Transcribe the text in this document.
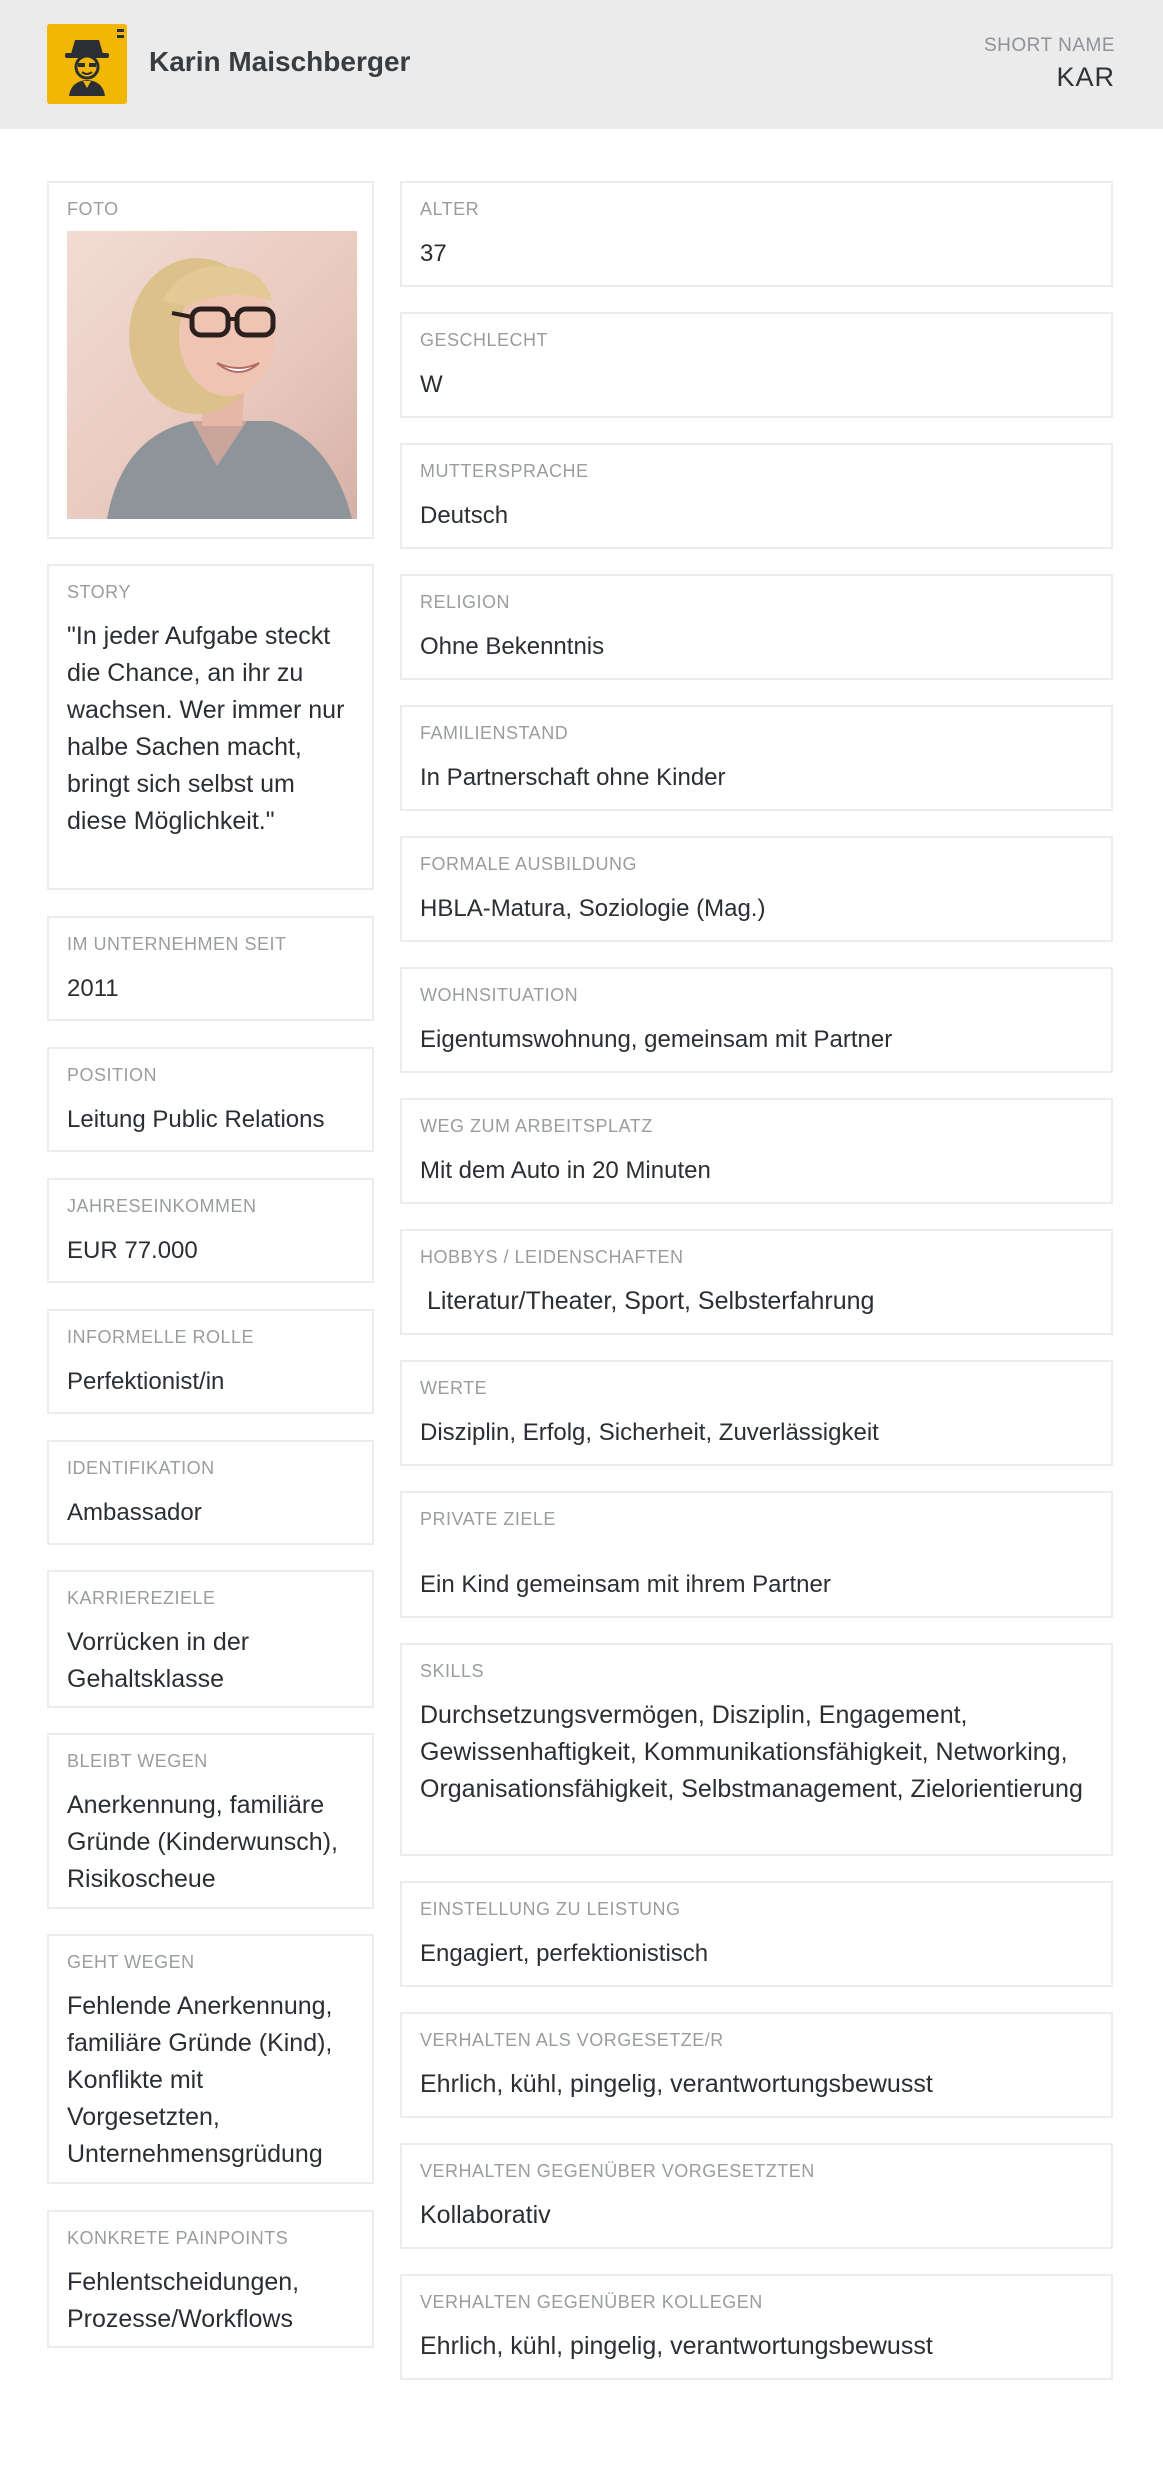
Karin Maischberger
SHORT NAME
KAR
FOTO
STORY
"In jeder Aufgabe steckt die Chance, an ihr zu wachsen. Wer immer nur halbe Sachen macht, bringt sich selbst um diese Möglichkeit."
IM UNTERNEHMEN SEIT
2011
POSITION
Leitung Public Relations
JAHRESEINKOMMEN
EUR 77.000
INFORMELLE ROLLE
Perfektionist/in
IDENTIFIKATION
Ambassador
KARRIEREZIELE
Vorrücken in der Gehaltsklasse
BLEIBT WEGEN
Anerkennung, familiäre Gründe (Kinderwunsch), Risikoscheue
GEHT WEGEN
Fehlende Anerkennung, familiäre Gründe (Kind), Konflikte mit Vorgesetzten, Unternehmensgrüdung
KONKRETE PAINPOINTS
Fehlentscheidungen, Prozesse/Workflows
ALTER
37
GESCHLECHT
W
MUTTERSPRACHE
Deutsch
RELIGION
Ohne Bekenntnis
FAMILIENSTAND
In Partnerschaft ohne Kinder
FORMALE AUSBILDUNG
HBLA-Matura, Soziologie (Mag.)
WOHNSITUATION
Eigentumswohnung, gemeinsam mit Partner
WEG ZUM ARBEITSPLATZ
Mit dem Auto in 20 Minuten
HOBBYS / LEIDENSCHAFTEN
Literatur/Theater, Sport, Selbsterfahrung
WERTE
Disziplin, Erfolg, Sicherheit, Zuverlässigkeit
PRIVATE ZIELE
Ein Kind gemeinsam mit ihrem Partner
SKILLS
Durchsetzungsvermögen, Disziplin, Engagement, Gewissenhaftigkeit, Kommunikationsfähigkeit, Networking, Organisationsfähigkeit, Selbstmanagement, Zielorientierung
EINSTELLUNG ZU LEISTUNG
Engagiert, perfektionistisch
VERHALTEN ALS VORGESETZE/R
Ehrlich, kühl, pingelig, verantwortungsbewusst
VERHALTEN GEGENÜBER VORGESETZTEN
Kollaborativ
VERHALTEN GEGENÜBER KOLLEGEN
Ehrlich, kühl, pingelig, verantwortungsbewusst
